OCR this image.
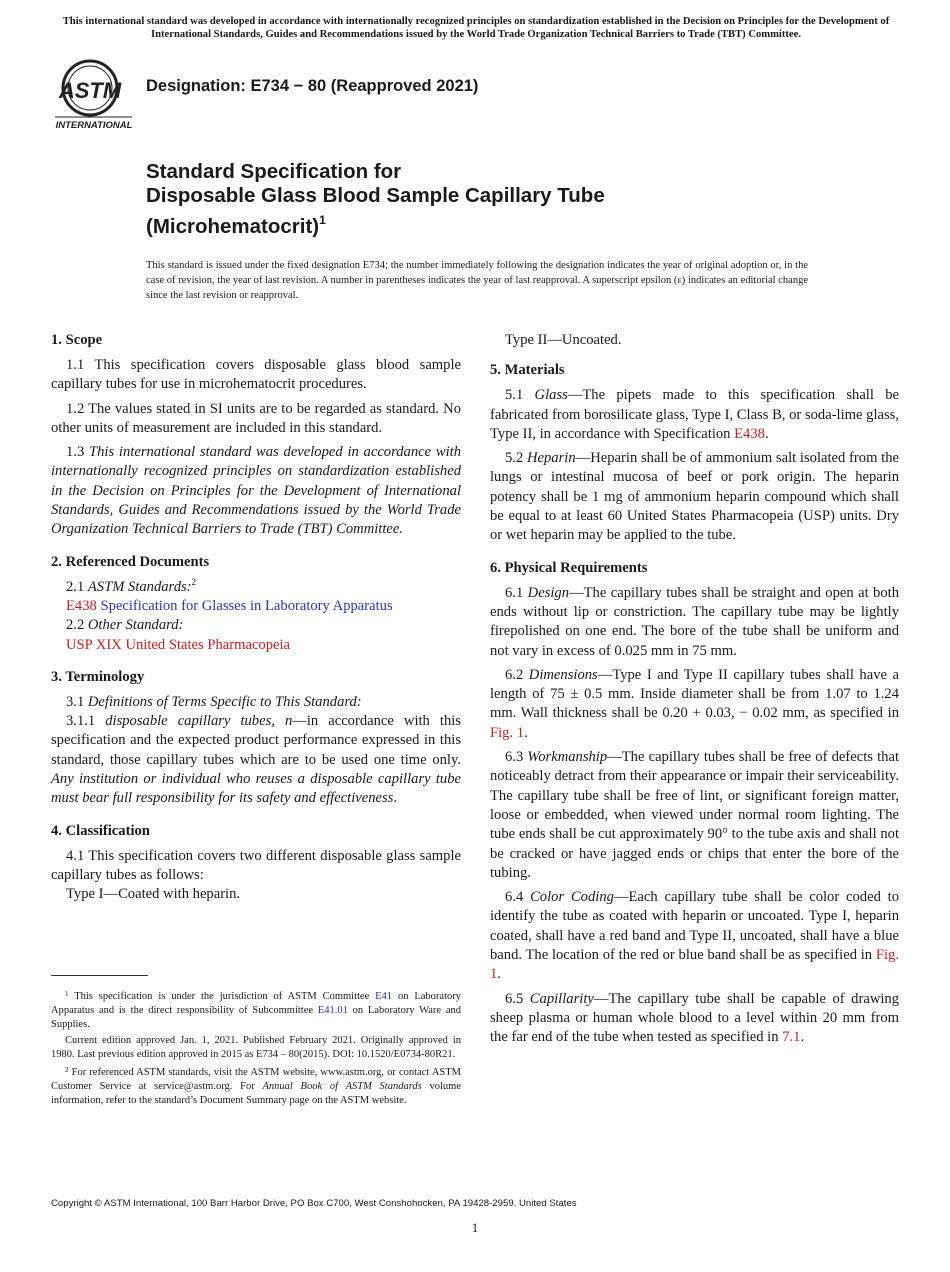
This international standard was developed in accordance with internationally recognized principles on standardization established in the Decision on Principles for the Development of International Standards, Guides and Recommendations issued by the World Trade Organization Technical Barriers to Trade (TBT) Committee.
ASTM
INTERNATIONAL
Designation: E734 − 80 (Reapproved 2021)
Standard Specification for
Disposable Glass Blood Sample Capillary Tube
(Microhematocrit)$^1$
This standard is issued under the fixed designation E734; the number immediately following the designation indicates the year of original adoption or, in the case of revision, the year of last revision. A number in parentheses indicates the year of last reapproval. A superscript epsilon (ε) indicates an editorial change since the last revision or reapproval.
1. Scope

1.1 This specification covers disposable glass blood sample capillary tubes for use in microhematocrit procedures.

1.2 The values stated in SI units are to be regarded as standard. No other units of measurement are included in this standard.

1.3 This international standard was developed in accordance with internationally recognized principles on standardization established in the Decision on Principles for the Development of International Standards, Guides and Recommendations issued by the World Trade Organization Technical Barriers to Trade (TBT) Committee.

2. Referenced Documents

2.1 ASTM Standards:$^2$

E438 Specification for Glasses in Laboratory Apparatus

2.2 Other Standard:

USP XIX United States Pharmacopeia
3. Terminology

3.1 Definitions of Terms Specific to This Standard:

3.1.1 disposable capillary tubes, n—in accordance with this specification and the expected product performance expressed in this standard, those capillary tubes which are to be used one time only. Any institution or individual who reuses a disposable capillary tube must bear full responsibility for its safety and effectiveness.

4. Classification

4.1 This specification covers two different disposable glass sample capillary tubes as follows:

Type I—Coated with heparin.
Type II—Uncoated.
5. Materials

5.1 Glass—The pipets made to this specification shall be fabricated from borosilicate glass, Type I, Class B, or soda-lime glass, Type II, in accordance with Specification E438.

5.2 Heparin—Heparin shall be of ammonium salt isolated from the lungs or intestinal mucosa of beef or pork origin. The heparin potency shall be 1 mg of ammonium heparin compound which shall be equal to at least 60 United States Pharmacopeia (USP) units. Dry or wet heparin may be applied to the tube.

6. Physical Requirements

6.1 Design—The capillary tubes shall be straight and open at both ends without lip or constriction. The capillary tube may be lightly firepolished on one end. The bore of the tube shall be uniform and not vary in excess of 0.025 mm in 75 mm.

6.2 Dimensions—Type I and Type II capillary tubes shall have a length of 75 ± 0.5 mm. Inside diameter shall be from 1.07 to 1.24 mm. Wall thickness shall be 0.20 + 0.03, − 0.02 mm, as specified in Fig. 1.

6.3 Workmanship—The capillary tubes shall be free of defects that noticeably detract from their appearance or impair their serviceability. The capillary tube shall be free of lint, or significant foreign matter, loose or embedded, when viewed under normal room lighting. The tube ends shall be cut approximately 90° to the tube axis and shall not be cracked or have jagged ends or chips that enter the bore of the tubing.

6.4 Color Coding—Each capillary tube shall be color coded to identify the tube as coated with heparin or uncoated. Type I, heparin coated, shall have a red band and Type II, uncoated, shall have a blue band. The location of the red or blue band shall be as specified in Fig. 1.

6.5 Capillarity—The capillary tube shall be capable of drawing sheep plasma or human whole blood to a level within 20 mm from the far end of the tube when tested as specified in 7.1.

$^1$ This specification is under the jurisdiction of ASTM Committee E41 on Laboratory Apparatus and is the direct responsibility of Subcommittee E41.01 on Laboratory Ware and Supplies.

Current edition approved Jan. 1, 2021. Published February 2021. Originally approved in 1980. Last previous edition approved in 2015 as E734 – 80(2015). DOI: 10.1520/E0734-80R21.

$^2$ For referenced ASTM standards, visit the ASTM website, www.astm.org, or contact ASTM Customer Service at service@astm.org. For Annual Book of ASTM Standards volume information, refer to the standard’s Document Summary page on the ASTM website.

Copyright © ASTM International, 100 Barr Harbor Drive, PO Box C700, West Conshohocken, PA 19428-2959. United States
1
